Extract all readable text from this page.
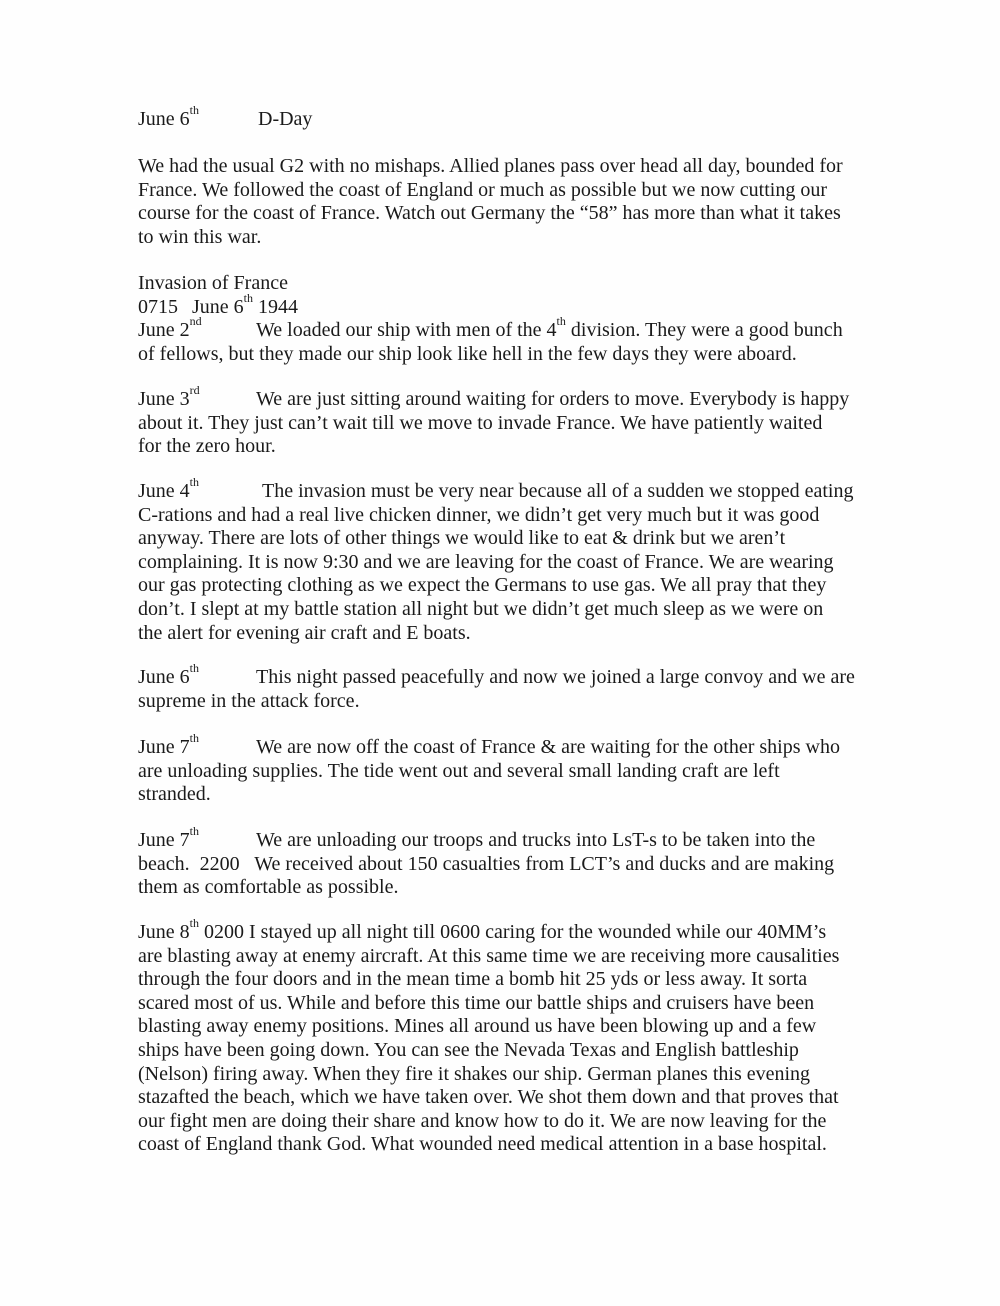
June 6th	D-Day
We had the usual G2 with no mishaps. Allied planes pass over head all day, bounded for
France. We followed the coast of England or much as possible but we now cutting our
course for the coast of France. Watch out Germany the “58” has more than what it takes
to win this war.
Invasion of France
0715 June 6th 1944
June 2nd	We loaded our ship with men of the 4th division. They were a good bunch
of fellows, but they made our ship look like hell in the few days they were aboard.
June 3rd	We are just sitting around waiting for orders to move. Everybody is happy
about it. They just can’t wait till we move to invade France. We have patiently waited
for the zero hour.
June 4th	The invasion must be very near because all of a sudden we stopped eating
C-rations and had a real live chicken dinner, we didn’t get very much but it was good
anyway. There are lots of other things we would like to eat & drink but we aren’t
complaining. It is now 9:30 and we are leaving for the coast of France. We are wearing
our gas protecting clothing as we expect the Germans to use gas. We all pray that they
don’t. I slept at my battle station all night but we didn’t get much sleep as we were on
the alert for evening air craft and E boats.
June 6th	This night passed peacefully and now we joined a large convoy and we are
supreme in the attack force.
June 7th	We are now off the coast of France & are waiting for the other ships who
are unloading supplies. The tide went out and several small landing craft are left
stranded.
June 7th	We are unloading our troops and trucks into LsT-s to be taken into the
beach.  2200   We received about 150 casualties from LCT’s and ducks and are making
them as comfortable as possible.
June 8th 0200 I stayed up all night till 0600 caring for the wounded while our 40MM’s
are blasting away at enemy aircraft. At this same time we are receiving more causalities
through the four doors and in the mean time a bomb hit 25 yds or less away. It sorta
scared most of us. While and before this time our battle ships and cruisers have been
blasting away enemy positions. Mines all around us have been blowing up and a few
ships have been going down. You can see the Nevada Texas and English battleship
(Nelson) firing away. When they fire it shakes our ship. German planes this evening
stazafted the beach, which we have taken over. We shot them down and that proves that
our fight men are doing their share and know how to do it. We are now leaving for the
coast of England thank God. What wounded need medical attention in a base hospital.
